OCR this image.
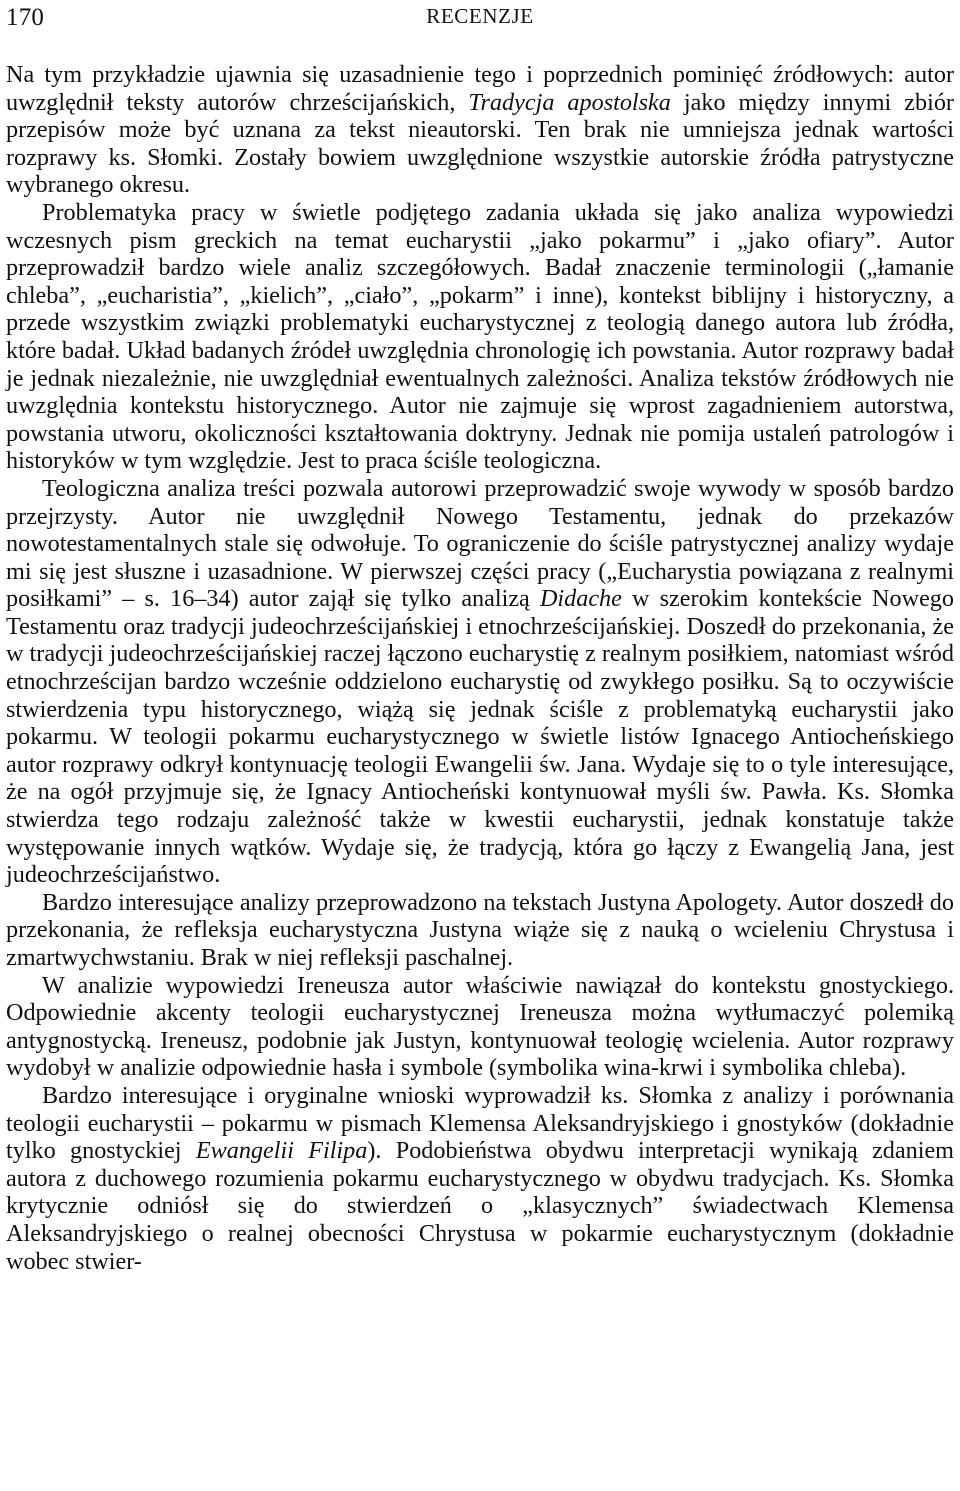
170	RECENZJE

Na tym przykładzie ujawnia się uzasadnienie tego i poprzednich pominięć źródłowych: autor uwzględnił teksty autorów chrześcijańskich, Tradycja apostolska jako między innymi zbiór przepisów może być uznana za tekst nieautorski. Ten brak nie umniejsza jednak wartości rozprawy ks. Słomki. Zostały bowiem uwzględnione wszystkie autorskie źródła patrystyczne wybranego okresu.

Problematyka pracy w świetle podjętego zadania układa się jako analiza wypowiedzi wczesnych pism greckich na temat eucharystii „jako pokarmu” i „jako ofiary”. Autor przeprowadził bardzo wiele analiz szczegółowych. Badał znaczenie terminologii („łamanie chleba”, „eucharistia”, „kielich”, „ciało”, „pokarm” i inne), kontekst biblijny i historyczny, a przede wszystkim związki problematyki eucharystycznej z teologią danego autora lub źródła, które badał. Układ badanych źródeł uwzględnia chronologię ich powstania. Autor rozprawy badał je jednak niezależnie, nie uwzględniał ewentualnych zależności. Analiza tekstów źródłowych nie uwzględnia kontekstu historycznego. Autor nie zajmuje się wprost zagadnieniem autorstwa, powstania utworu, okoliczności kształtowania doktryny. Jednak nie pomija ustaleń patrologów i historyków w tym względzie. Jest to praca ściśle teologiczna.

Teologiczna analiza treści pozwala autorowi przeprowadzić swoje wywody w sposób bardzo przejrzysty. Autor nie uwzględnił Nowego Testamentu, jednak do przekazów nowotestamentalnych stale się odwołuje. To ograniczenie do ściśle patrystycznej analizy wydaje mi się jest słuszne i uzasadnione. W pierwszej części pracy („Eucharystia powiązana z realnymi posiłkami” – s. 16–34) autor zajął się tylko analizą Didache w szerokim kontekście Nowego Testamentu oraz tradycji judeochrześcijańskiej i etnochrześcijańskiej. Doszedł do przekonania, że w tradycji judeochrześcijańskiej raczej łączono eucharystię z realnym posiłkiem, natomiast wśród etnochrześcijan bardzo wcześnie oddzielono eucharystię od zwykłego posiłku. Są to oczywiście stwierdzenia typu historycznego, wiążą się jednak ściśle z problematyką eucharystii jako pokarmu. W teologii pokarmu eucharystycznego w świetle listów Ignacego Antiocheńskiego autor rozprawy odkrył kontynuację teologii Ewangelii św. Jana. Wydaje się to o tyle interesujące, że na ogół przyjmuje się, że Ignacy Antiocheński kontynuował myśli św. Pawła. Ks. Słomka stwierdza tego rodzaju zależność także w kwestii eucharystii, jednak konstatuje także występowanie innych wątków. Wydaje się, że tradycją, która go łączy z Ewangelią Jana, jest judeochrześcijaństwo.

Bardzo interesujące analizy przeprowadzono na tekstach Justyna Apologety. Autor doszedł do przekonania, że refleksja eucharystyczna Justyna wiąże się z nauką o wcieleniu Chrystusa i zmartwychwstaniu. Brak w niej refleksji paschalnej.

W analizie wypowiedzi Ireneusza autor właściwie nawiązał do kontekstu gnostyckiego. Odpowiednie akcenty teologii eucharystycznej Ireneusza można wytłumaczyć polemiką antygnostycką. Ireneusz, podobnie jak Justyn, kontynuował teologię wcielenia. Autor rozprawy wydobył w analizie odpowiednie hasła i symbole (symbolika wina-krwi i symbolika chleba).

Bardzo interesujące i oryginalne wnioski wyprowadził ks. Słomka z analizy i porównania teologii eucharystii – pokarmu w pismach Klemensa Aleksandryjskiego i gnostyków (dokładnie tylko gnostyckiej Ewangelii Filipa). Podobieństwa obydwu interpretacji wynikają zdaniem autora z duchowego rozumienia pokarmu eucharystycznego w obydwu tradycjach. Ks. Słomka krytycznie odniósł się do stwierdzeń o „klasycznych” świadectwach Klemensa Aleksandryjskiego o realnej obecności Chrystusa w pokarmie eucharystycznym (dokładnie wobec stwier-
